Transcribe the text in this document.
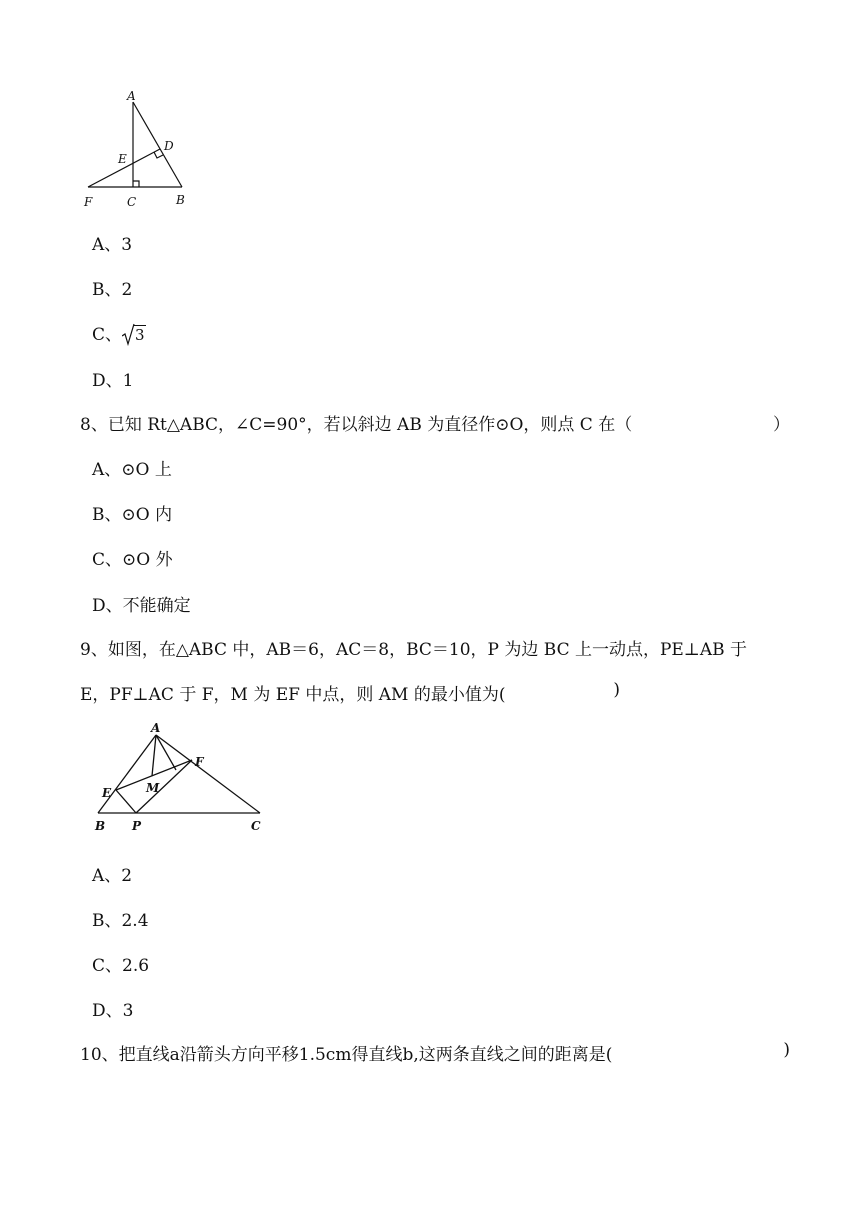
A
D
E
F	C	B
A、3
B、2
C、 3
D、1
8、已知 Rt△ABC，∠C=90°，若以斜边 AB 为直径作⊙O，则点 C 在（	）
A、⊙O 上
B、⊙O 内
C、⊙O 外
D、不能确定
9、如图，在△ABC 中，AB＝6，AC＝8，BC＝10，P 为边 BC 上一动点，PE⊥AB 于
E，PF⊥AC 于 F，M 为 EF 中点，则 AM 的最小值为(	)
A
F
M
E
B P	C
A、2
B、2.4
C、2.6
D、3
10、把直线a沿箭头方向平移1.5cm得直线b,这两条直线之间的距离是(	)
